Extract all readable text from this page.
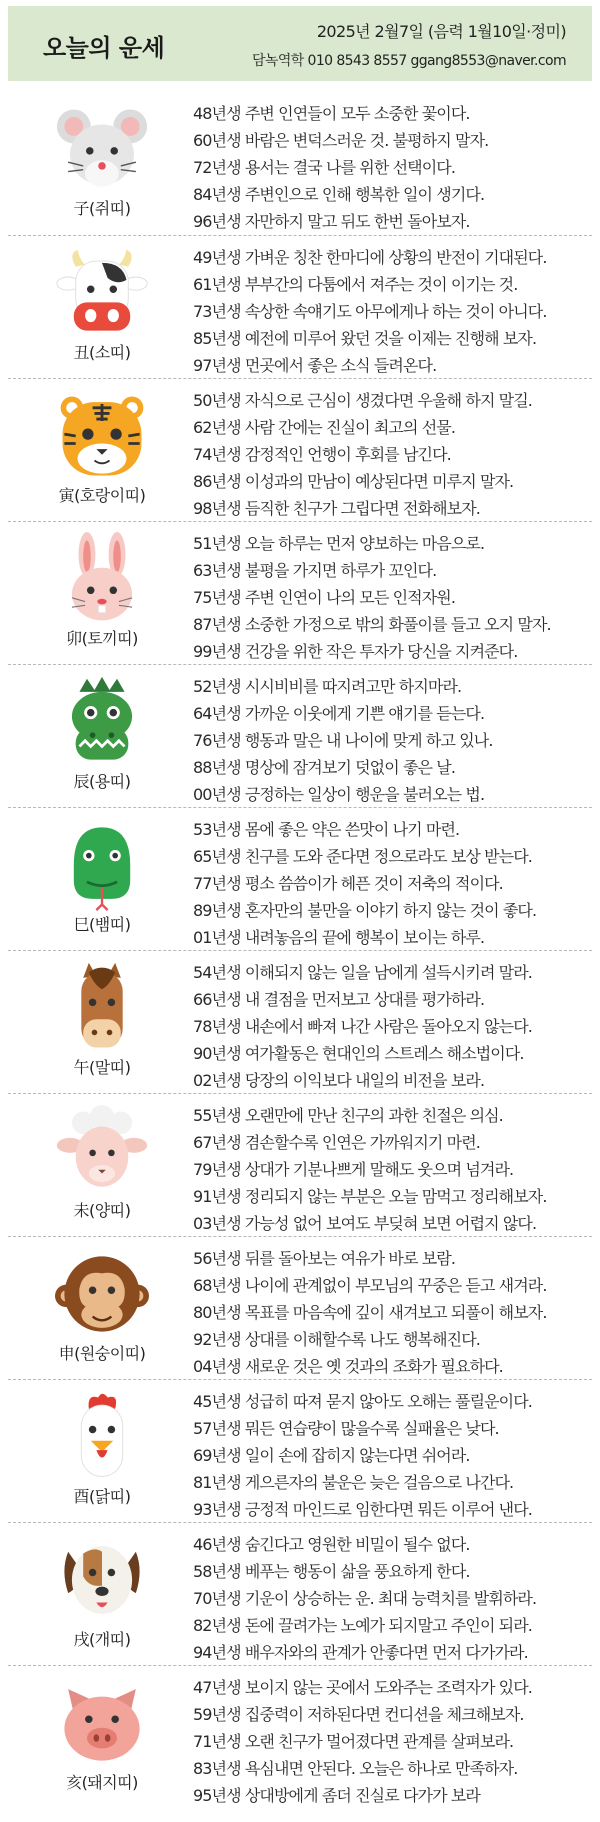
오늘의 운세
2025년 2월7일 (음력 1월10일·정미)
담녹역학 010 8543 8557 ggang8553@naver.com
子(쥐띠)
48년생 주변 인연들이 모두 소중한 꽃이다.
60년생 바람은 변덕스러운 것. 불평하지 말자.
72년생 용서는 결국 나를 위한 선택이다.
84년생 주변인으로 인해 행복한 일이 생기다.
96년생 자만하지 말고 뒤도 한번 돌아보자.
丑(소띠)
49년생 가벼운 칭찬 한마디에 상황의 반전이 기대된다.
61년생 부부간의 다툼에서 져주는 것이 이기는 것.
73년생 속상한 속얘기도 아무에게나 하는 것이 아니다.
85년생 예전에 미루어 왔던 것을 이제는 진행해 보자.
97년생 먼곳에서 좋은 소식 들려온다.
寅(호랑이띠)
50년생 자식으로 근심이 생겼다면 우울해 하지 말길.
62년생 사람 간에는 진실이 최고의 선물.
74년생 감정적인 언행이 후회를 남긴다.
86년생 이성과의 만남이 예상된다면 미루지 말자.
98년생 듬직한 친구가 그립다면 전화해보자.
卯(토끼띠)
51년생 오늘 하루는 먼저 양보하는 마음으로.
63년생 불평을 가지면 하루가 꼬인다.
75년생 주변 인연이 나의 모든 인적자원.
87년생 소중한 가정으로 밖의 화풀이를 들고 오지 말자.
99년생 건강을 위한 작은 투자가 당신을 지켜준다.
辰(용띠)
52년생 시시비비를 따지려고만 하지마라.
64년생 가까운 이웃에게 기쁜 얘기를 듣는다.
76년생 행동과 말은 내 나이에 맞게 하고 있나.
88년생 명상에 잠겨보기 덧없이 좋은 날.
00년생 긍정하는 일상이 행운을 불러오는 법.
巳(뱀띠)
53년생 몸에 좋은 약은 쓴맛이 나기 마련.
65년생 친구를 도와 준다면 정으로라도 보상 받는다.
77년생 평소 씀씀이가 헤픈 것이 저축의 적이다.
89년생 혼자만의 불만을 이야기 하지 않는 것이 좋다.
01년생 내려놓음의 끝에 행복이 보이는 하루.
午(말띠)
54년생 이해되지 않는 일을 남에게 설득시키려 말라.
66년생 내 결점을 먼저보고 상대를 평가하라.
78년생 내손에서 빠져 나간 사람은 돌아오지 않는다.
90년생 여가활동은 현대인의 스트레스 해소법이다.
02년생 당장의 이익보다 내일의 비전을 보라.
未(양띠)
55년생 오랜만에 만난 친구의 과한 친절은 의심.
67년생 겸손할수록 인연은 가까워지기 마련.
79년생 상대가 기분나쁘게 말해도 웃으며 넘겨라.
91년생 정리되지 않는 부분은 오늘 맘먹고 정리해보자.
03년생 가능성 없어 보여도 부딪혀 보면 어렵지 않다.
申(원숭이띠)
56년생 뒤를 돌아보는 여유가 바로 보람.
68년생 나이에 관계없이 부모님의 꾸중은 듣고 새겨라.
80년생 목표를 마음속에 깊이 새겨보고 되풀이 해보자.
92년생 상대를 이해할수록 나도 행복해진다.
04년생 새로운 것은 옛 것과의 조화가 필요하다.
酉(닭띠)
45년생 성급히 따져 묻지 않아도 오해는 풀릴운이다.
57년생 뭐든 연습량이 많을수록 실패율은 낮다.
69년생 일이 손에 잡히지 않는다면 쉬어라.
81년생 게으른자의 불운은 늦은 걸음으로 나간다.
93년생 긍정적 마인드로 임한다면 뭐든 이루어 낸다.
戌(개띠)
46년생 숨긴다고 영원한 비밀이 될수 없다.
58년생 베푸는 행동이 삶을 풍요하게 한다.
70년생 기운이 상승하는 운. 최대 능력치를 발휘하라.
82년생 돈에 끌려가는 노예가 되지말고 주인이 되라.
94년생 배우자와의 관계가 안좋다면 먼저 다가가라.
亥(돼지띠)
47년생 보이지 않는 곳에서 도와주는 조력자가 있다.
59년생 집중력이 저하된다면 컨디션을 체크해보자.
71년생 오랜 친구가 멀어졌다면 관계를 살펴보라.
83년생 욕심내면 안된다. 오늘은 하나로 만족하자.
95년생 상대방에게 좀더 진실로 다가가 보라
